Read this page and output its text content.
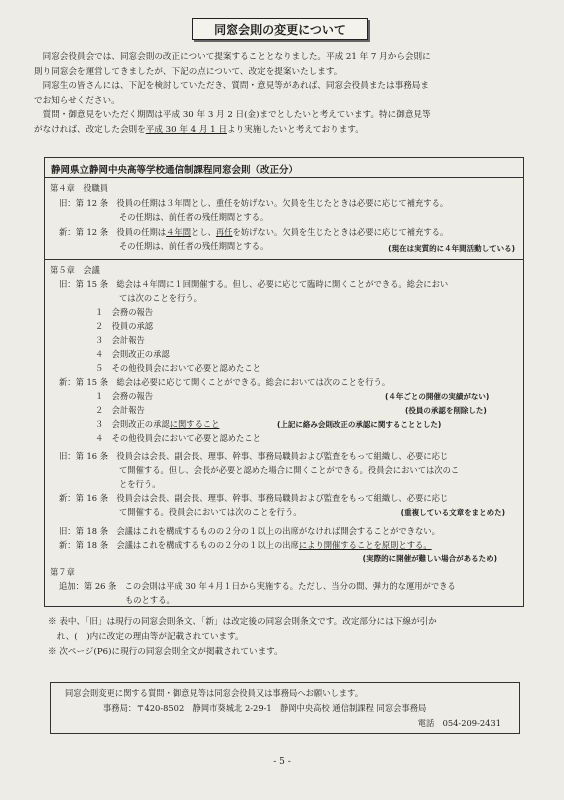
同窓会則の変更について

　同窓会役員会では、同窓会則の改正について提案することとなりました。平成 21 年 7 月から会則に

則り同窓会を運営してきましたが、下記の点について、改定を提案いたします。

　同窓生の皆さんには、下記を検討していただき、質問・意見等があれば、同窓会役員または事務局ま

でお知らせください。

　質問・御意見をいただく期間は平成 30 年 3 月 2 日(金)までとしたいと考えています。特に御意見等

がなければ、改定した会則を平成 30 年 4 月 1 日より実施したいと考えております。

静岡県立静岡中央高等学校通信制課程同窓会則（改正分）
第４章　役職員
旧：第 12 条　役員の任期は３年間とし、重任を妨げない。欠員を生じたときは必要に応じて補充する。
その任期は、前任者の残任期間とする。
新：第 12 条　役員の任期は４年間とし、再任を妨げない。欠員を生じたときは必要に応じて補充する。
その任期は、前任者の残任期間とする。	(現在は実質的に４年間活動している)
第５章　会議
旧：第 15 条　総会は４年間に１回開催する。但し、必要に応じて臨時に開くことができる。総会におい
ては次のことを行う。
１　会務の報告
２　役員の承認
３　会計報告
４　会則改正の承認
５　その他役員会において必要と認めたこと
新：第 15 条　総会は必要に応じて開くことができる。総会においては次のことを行う。
１　会務の報告	(４年ごとの開催の実績がない)
２　会計報告	(役員の承認を削除した)
３　会則改正の承認に関すること	(上記に絡み会則改正の承認に関することとした)
４　その他役員会において必要と認めたこと
旧：第 16 条　役員会は会長、副会長、理事、幹事、事務局職員および監査をもって組織し、必要に応じ
て開催する。但し、会長が必要と認めた場合に開くことができる。役員会においては次のこ
とを行う。
新：第 16 条　役員会は会長、副会長、理事、幹事、事務局職員および監査をもって組織し、必要に応じ
て開催する。役員会においては次のことを行う。	(重複している文章をまとめた)
旧：第 18 条　会議はこれを構成するものの２分の１以上の出席がなければ開会することができない。
新：第 18 条　会議はこれを構成するものの２分の１以上の出席により開催することを原則とする。
(実際的に開催が難しい場合があるため)
第７章
追加：第 26 条　この会則は平成 30 年４月１日から実施する。ただし、当分の間、弾力的な運用ができる
ものとする。

※ 表中、「旧」は現行の同窓会則条文、「新」は改定後の同窓会則条文です。改定部分には下線が引か

　れ、(　)内に改定の理由等が記載されています。

※ 次ページ(P6)に現行の同窓会則全文が掲載されています。

同窓会則変更に関する質問・御意見等は同窓会役員又は事務局へお願いします。
事務局：〒420-8502　静岡市葵城北 2-29-1　静岡中央高校 通信制課程 同窓会事務局
電話　054-209-2431
- 5 -
